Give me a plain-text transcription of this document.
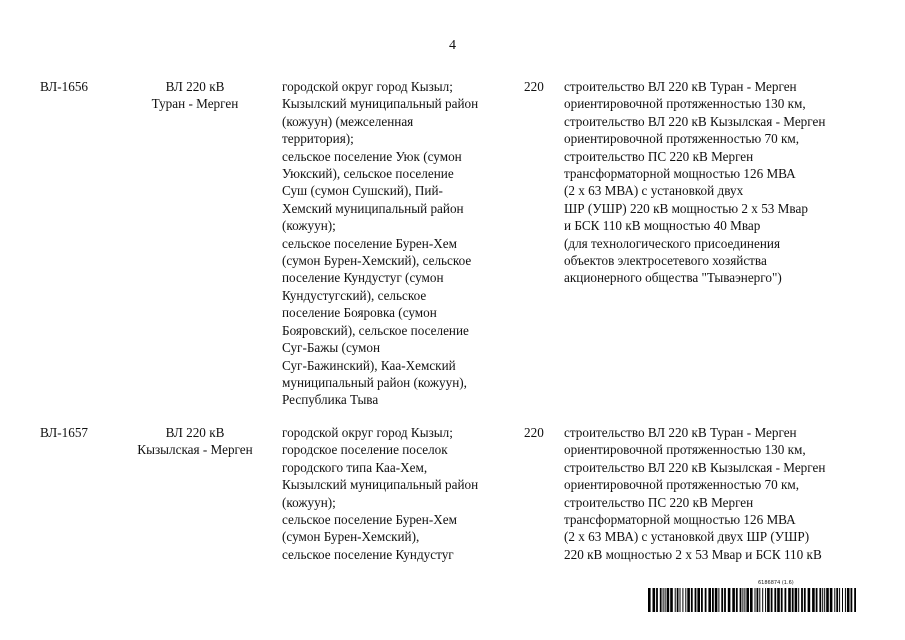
4
ВЛ-1656	ВЛ 220 кВ
Туран - Мерген
городской округ город Кызыл;
Кызылский муниципальный район
(кожуун) (межселенная
территория);
сельское поселение Уюк (сумон
Уюкский), сельское поселение
Суш (сумон Сушский), Пий-
Хемский муниципальный район
(кожуун);
сельское поселение Бурен-Хем
(сумон Бурен-Хемский), сельское
поселение Кундустуг (сумон
Кундустугский), сельское
поселение Бояровка (сумон
Бояровский), сельское поселение
Суг-Бажы (сумон
Суг-Бажинский), Каа-Хемский
муниципальный район (кожуун),
Республика Тыва
220 строительство ВЛ 220 кВ Туран - Мерген
ориентировочной протяженностью 130 км,
строительство ВЛ 220 кВ Кызылская - Мерген
ориентировочной протяженностью 70 км,
строительство ПС 220 кВ Мерген
трансформаторной мощностью 126 МВА
(2 х 63 МВА) с установкой двух
ШР (УШР) 220 кВ мощностью 2 х 53 Мвар
и БСК 110 кВ мощностью 40 Мвар
(для технологического присоединения
объектов электросетевого хозяйства
акционерного общества "Тываэнерго")
ВЛ-1657	ВЛ 220 кВ
Кызылская - Мерген
городской округ город Кызыл;
городское поселение поселок
городского типа Каа-Хем,
Кызылский муниципальный район
(кожуун);
сельское поселение Бурен-Хем
(сумон Бурен-Хемский),
сельское поселение Кундустуг
220 строительство ВЛ 220 кВ Туран - Мерген
ориентировочной протяженностью 130 км,
строительство ВЛ 220 кВ Кызылская - Мерген
ориентировочной протяженностью 70 км,
строительство ПС 220 кВ Мерген
трансформаторной мощностью 126 МВА
(2 х 63 МВА) с установкой двух ШР (УШР)
220 кВ мощностью 2 х 53 Мвар и БСК 110 кВ
6186874 (1.6)
